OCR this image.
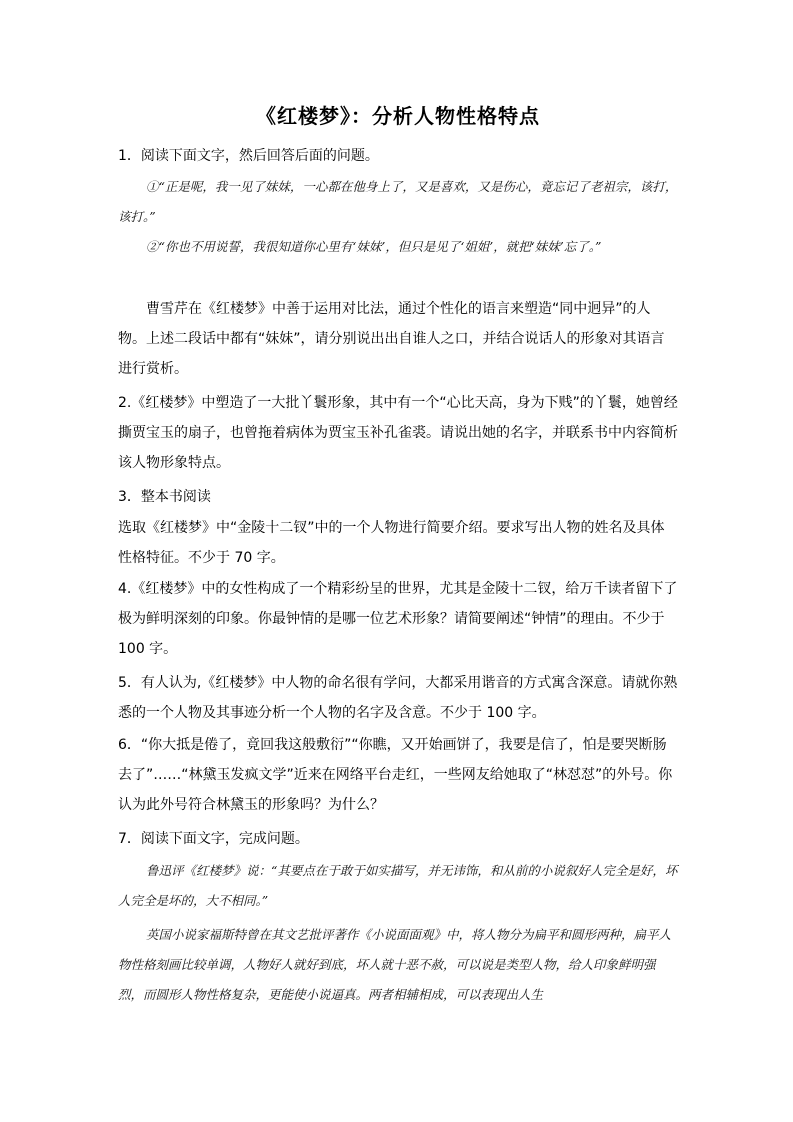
《红楼梦》：分析人物性格特点

1．阅读下面文字，然后回答后面的问题。

①“正是呢，我一见了妹妹，一心都在他身上了，又是喜欢，又是伤心，竟忘记了老祖宗，该打，该打。”

②“你也不用说誓，我很知道你心里有‘妹妹’，但只是见了‘姐姐’，就把‘妹妹’忘了。”

曹雪芹在《红楼梦》中善于运用对比法，通过个性化的语言来塑造“同中迥异”的人物。上述二段话中都有“妹妹”，请分别说出出自谁人之口，并结合说话人的形象对其语言进行赏析。

2.《红楼梦》中塑造了一大批丫鬟形象，其中有一个“心比天高，身为下贱”的丫鬟，她曾经撕贾宝玉的扇子，也曾拖着病体为贾宝玉补孔雀裘。请说出她的名字，并联系书中内容简析该人物形象特点。

3．整本书阅读

选取《红楼梦》中“金陵十二钗”中的一个人物进行简要介绍。要求写出人物的姓名及具体性格特征。不少于 70 字。

4.《红楼梦》中的女性构成了一个精彩纷呈的世界，尤其是金陵十二钗，给万千读者留下了极为鲜明深刻的印象。你最钟情的是哪一位艺术形象？请简要阐述“钟情”的理由。不少于 100 字。

5．有人认为,《红楼梦》中人物的命名很有学问，大都采用谐音的方式寓含深意。请就你熟悉的一个人物及其事迹分析一个人物的名字及含意。不少于 100 字。

6．“你大抵是倦了，竟回我这般敷衍”“你瞧，又开始画饼了，我要是信了，怕是要哭断肠去了”……“林黛玉发疯文学”近来在网络平台走红，一些网友给她取了“林怼怼”的外号。你认为此外号符合林黛玉的形象吗？为什么？

7．阅读下面文字，完成问题。

鲁迅评《红楼梦》说：“其要点在于敢于如实描写，并无讳饰，和从前的小说叙好人完全是好，坏人完全是坏的，大不相同。”

英国小说家福斯特曾在其文艺批评著作《小说面面观》中，将人物分为扁平和圆形两种，扁平人物性格刻画比较单调，人物好人就好到底，坏人就十恶不赦，可以说是类型人物，给人印象鲜明强烈，而圆形人物性格复杂，更能使小说逼真。两者相辅相成，可以表现出人生
